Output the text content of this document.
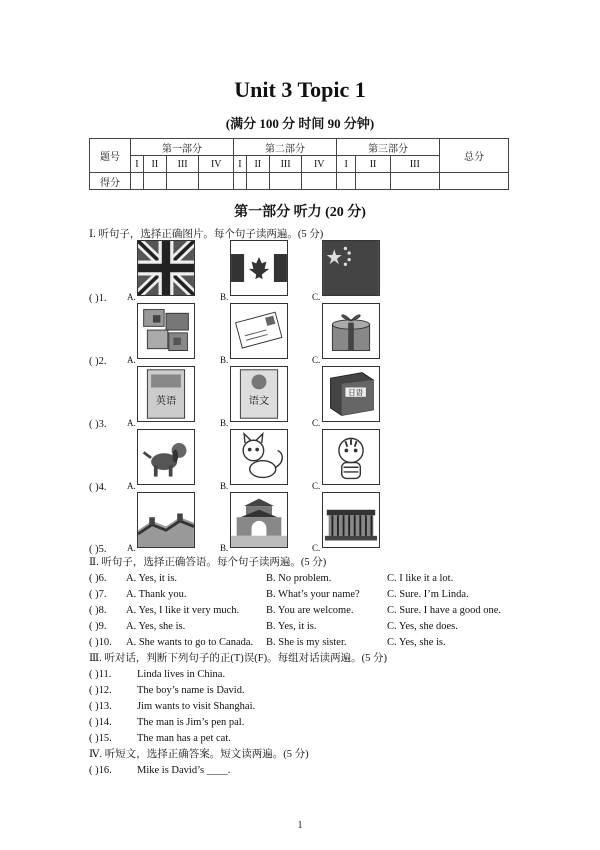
Unit 3 Topic 1
(满分 100 分 时间 90 分钟)
题号	第一部分				第二部分				第三部分			总分
	I	II	III	IV	I	II	III	IV	I	II	III	
得分												
第一部分 听力 (20 分)
Ⅰ. 听句子，选择正确图片。每个句子读两遍。(5 分)
( )1. A.	B.	C.
( )2. A.	B.	C.
( )3. A.
英语
B.
语文
C.
日语
( )4. A.	B.	C.
( )5. A.	B.	C.
Ⅱ. 听句子，选择正确答语。每个句子读两遍。(5 分)
( )6. A. Yes, it is.	B. No problem.	C. I like it a lot.
( )7. A. Thank you.	B. What’s your name?	C. Sure. I’m Linda.
( )8. A. Yes, I like it very much.	B. You are welcome.	C. Sure. I have a good one.
( )9. A. Yes, she is.	B. Yes, it is.	C. Yes, she does.
( )10. A. She wants to go to Canada. B. She is my sister.	C. Yes, she is.
Ⅲ. 听对话，判断下列句子的正(T)误(F)。每组对话读两遍。(5 分)
( )11. Linda lives in China.
( )12. The boy’s name is David.
( )13. Jim wants to visit Shanghai.
( )14. The man is Jim’s pen pal.
( )15. The man has a pet cat.
Ⅳ. 听短文，选择正确答案。短文读两遍。(5 分)
( )16. Mike is David’s ____.
1
